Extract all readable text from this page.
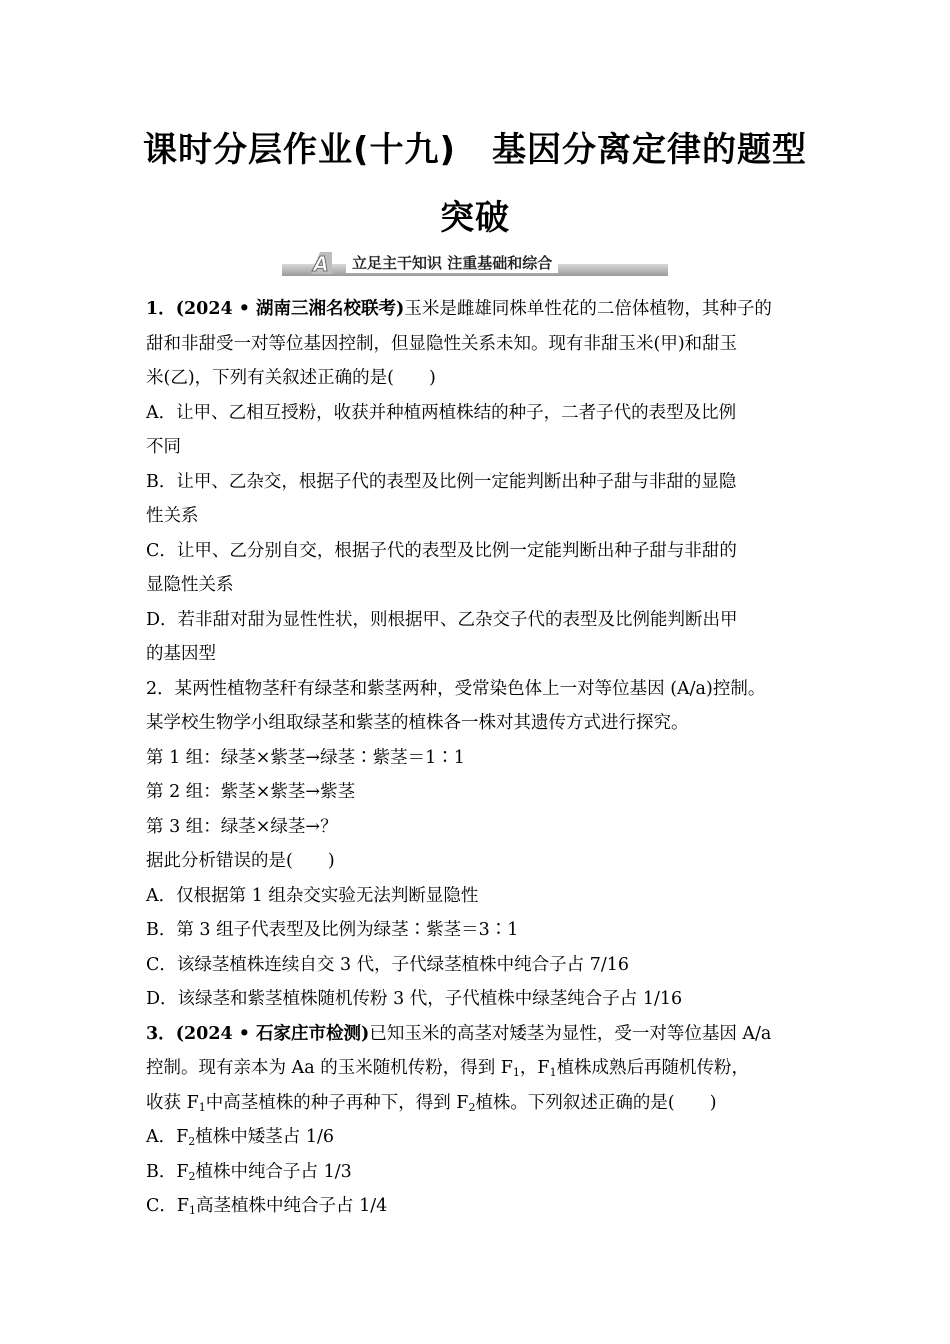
课时分层作业(十九) 基因分离定律的题型
突破
A	立足主干知识 注重基础和综合

1．(2024 • 湖南三湘名校联考)玉米是雌雄同株单性花的二倍体植物，其种子的

甜和非甜受一对等位基因控制，但显隐性关系未知。现有非甜玉米(甲)和甜玉

米(乙)，下列有关叙述正确的是(　　)

A．让甲、乙相互授粉，收获并种植两植株结的种子，二者子代的表型及比例

不同

B．让甲、乙杂交，根据子代的表型及比例一定能判断出种子甜与非甜的显隐

性关系

C．让甲、乙分别自交，根据子代的表型及比例一定能判断出种子甜与非甜的

显隐性关系

D．若非甜对甜为显性性状，则根据甲、乙杂交子代的表型及比例能判断出甲

的基因型

2．某两性植物茎秆有绿茎和紫茎两种，受常染色体上一对等位基因 (A/a)控制。

某学校生物学小组取绿茎和紫茎的植株各一株对其遗传方式进行探究。

第 1 组：绿茎×紫茎→绿茎∶紫茎＝1∶1

第 2 组：紫茎×紫茎→紫茎

第 3 组：绿茎×绿茎→？

据此分析错误的是(　　)

A．仅根据第 1 组杂交实验无法判断显隐性

B．第 3 组子代表型及比例为绿茎∶紫茎＝3∶1

C．该绿茎植株连续自交 3 代，子代绿茎植株中纯合子占 7/16

D．该绿茎和紫茎植株随机传粉 3 代，子代植株中绿茎纯合子占 1/16

3．(2024 • 石家庄市检测)已知玉米的高茎对矮茎为显性，受一对等位基因 A/a

控制。现有亲本为 Aa 的玉米随机传粉，得到 $F_1$，$F_1$植株成熟后再随机传粉，

收获 $F_1$中高茎植株的种子再种下，得到 $F_2$植株。下列叙述正确的是(　　)

A．$F_2$植株中矮茎占 1/6

B．$F_2$植株中纯合子占 1/3

C．$F_1$高茎植株中纯合子占 1/4
